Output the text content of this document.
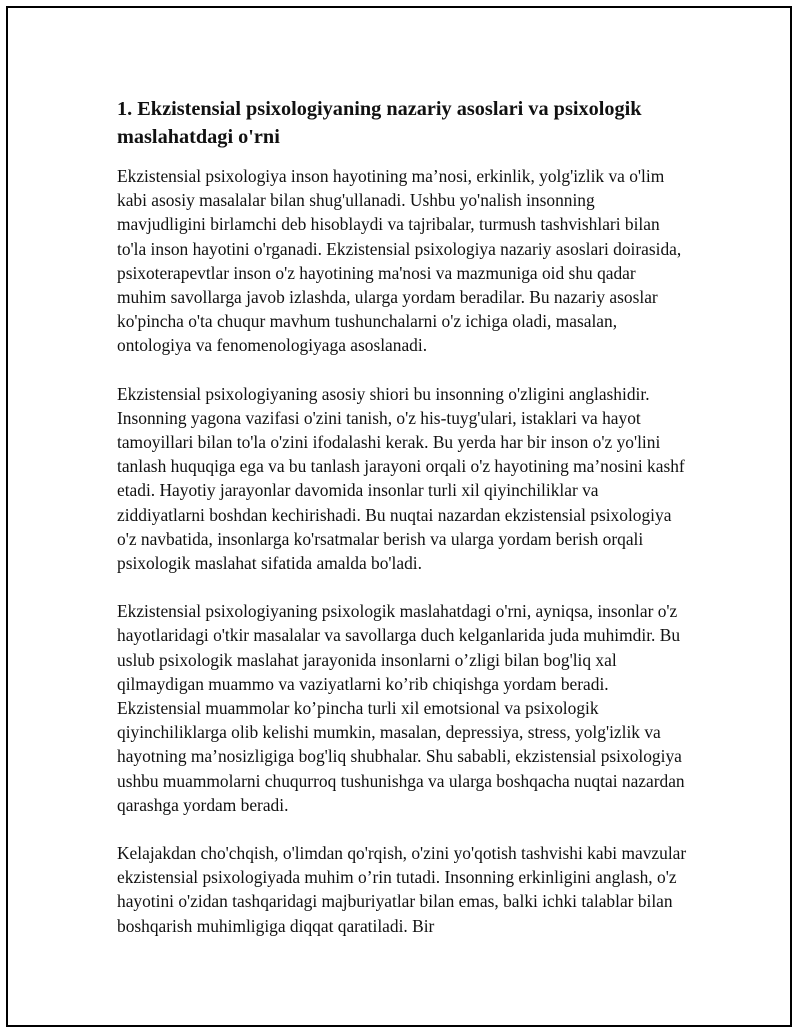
1. Ekzistensial psixologiyaning nazariy asoslari va psixologik maslahatdagi o'rni

Ekzistensial psixologiya inson hayotining ma’nosi, erkinlik, yolg'izlik va o'lim kabi asosiy masalalar bilan shug'ullanadi. Ushbu yo'nalish insonning mavjudligini birlamchi deb hisoblaydi va tajribalar, turmush tashvishlari bilan to'la inson hayotini o'rganadi. Ekzistensial psixologiya nazariy asoslari doirasida, psixoterapevtlar inson o'z hayotining ma'nosi va mazmuniga oid shu qadar muhim savollarga javob izlashda, ularga yordam beradilar. Bu nazariy asoslar ko'pincha o'ta chuqur mavhum tushunchalarni o'z ichiga oladi, masalan, ontologiya va fenomenologiyaga asoslanadi.

Ekzistensial psixologiyaning asosiy shiori bu insonning o'zligini anglashidir. Insonning yagona vazifasi o'zini tanish, o'z his-tuyg'ulari, istaklari va hayot tamoyillari bilan to'la o'zini ifodalashi kerak. Bu yerda har bir inson o'z yo'lini tanlash huquqiga ega va bu tanlash jarayoni orqali o'z hayotining ma’nosini kashf etadi. Hayotiy jarayonlar davomida insonlar turli xil qiyinchiliklar va ziddiyatlarni boshdan kechirishadi. Bu nuqtai nazardan ekzistensial psixologiya o'z navbatida, insonlarga ko'rsatmalar berish va ularga yordam berish orqali psixologik maslahat sifatida amalda bo'ladi.

Ekzistensial psixologiyaning psixologik maslahatdagi o'rni, ayniqsa, insonlar o'z hayotlaridagi o'tkir masalalar va savollarga duch kelganlarida juda muhimdir. Bu uslub psixologik maslahat jarayonida insonlarni o’zligi bilan bog'liq xal qilmaydigan muammo va vaziyatlarni ko’rib chiqishga yordam beradi. Ekzistensial muammolar ko’pincha turli xil emotsional va psixologik qiyinchiliklarga olib kelishi mumkin, masalan, depressiya, stress, yolg'izlik va hayotning ma’nosizligiga bog'liq shubhalar. Shu sababli, ekzistensial psixologiya ushbu muammolarni chuqurroq tushunishga va ularga boshqacha nuqtai nazardan qarashga yordam beradi.

Kelajakdan cho'chqish, o'limdan qo'rqish, o'zini yo'qotish tashvishi kabi mavzular ekzistensial psixologiyada muhim o’rin tutadi. Insonning erkinligini anglash, o'z hayotini o'zidan tashqaridagi majburiyatlar bilan emas, balki ichki talablar bilan boshqarish muhimligiga diqqat qaratiladi. Bir
